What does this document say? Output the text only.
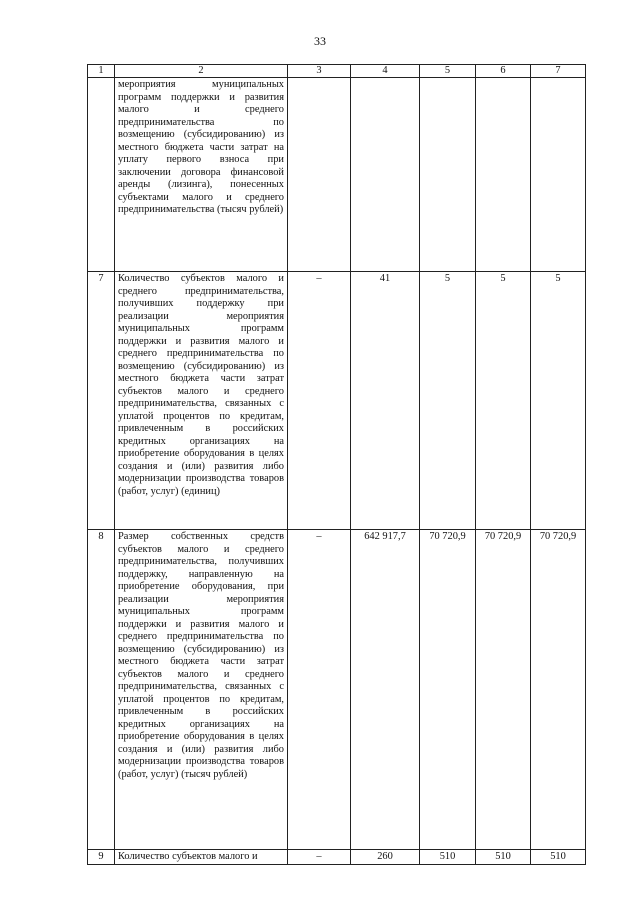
33
1	2	3	4	5	6	7
	мероприятия муниципальных программ поддержки и развития малого и среднего предпринимательства по возмещению (субсидированию) из местного бюджета части затрат на уплату первого взноса при заключении договора финансовой аренды (лизинга), понесенных субъектами малого и среднего предпринимательства (тысяч рублей)					
7	Количество субъектов малого и среднего предпринимательства, получивших поддержку при реализации мероприятия муниципальных программ поддержки и развития малого и среднего предпринимательства по возмещению (субсидированию) из местного бюджета части затрат субъектов малого и среднего предпринимательства, связанных с уплатой процентов по кредитам, привлеченным в российских кредитных организациях на приобретение оборудования в целях создания и (или) развития либо модернизации производства товаров (работ, услуг) (единиц)	–	41	5	5	5
8	Размер собственных средств субъектов малого и среднего предпринимательства, получивших поддержку, направленную на приобретение оборудования, при реализации мероприятия муниципальных программ поддержки и развития малого и среднего предпринимательства по возмещению (субсидированию) из местного бюджета части затрат субъектов малого и среднего предпринимательства, связанных с уплатой процентов по кредитам, привлеченным в российских кредитных организациях на приобретение оборудования в целях создания и (или) развития либо модернизации производства товаров (работ, услуг) (тысяч рублей)	–	642 917,7	70 720,9	70 720,9	70 720,9
9	Количество субъектов малого и	–	260	510	510	510
